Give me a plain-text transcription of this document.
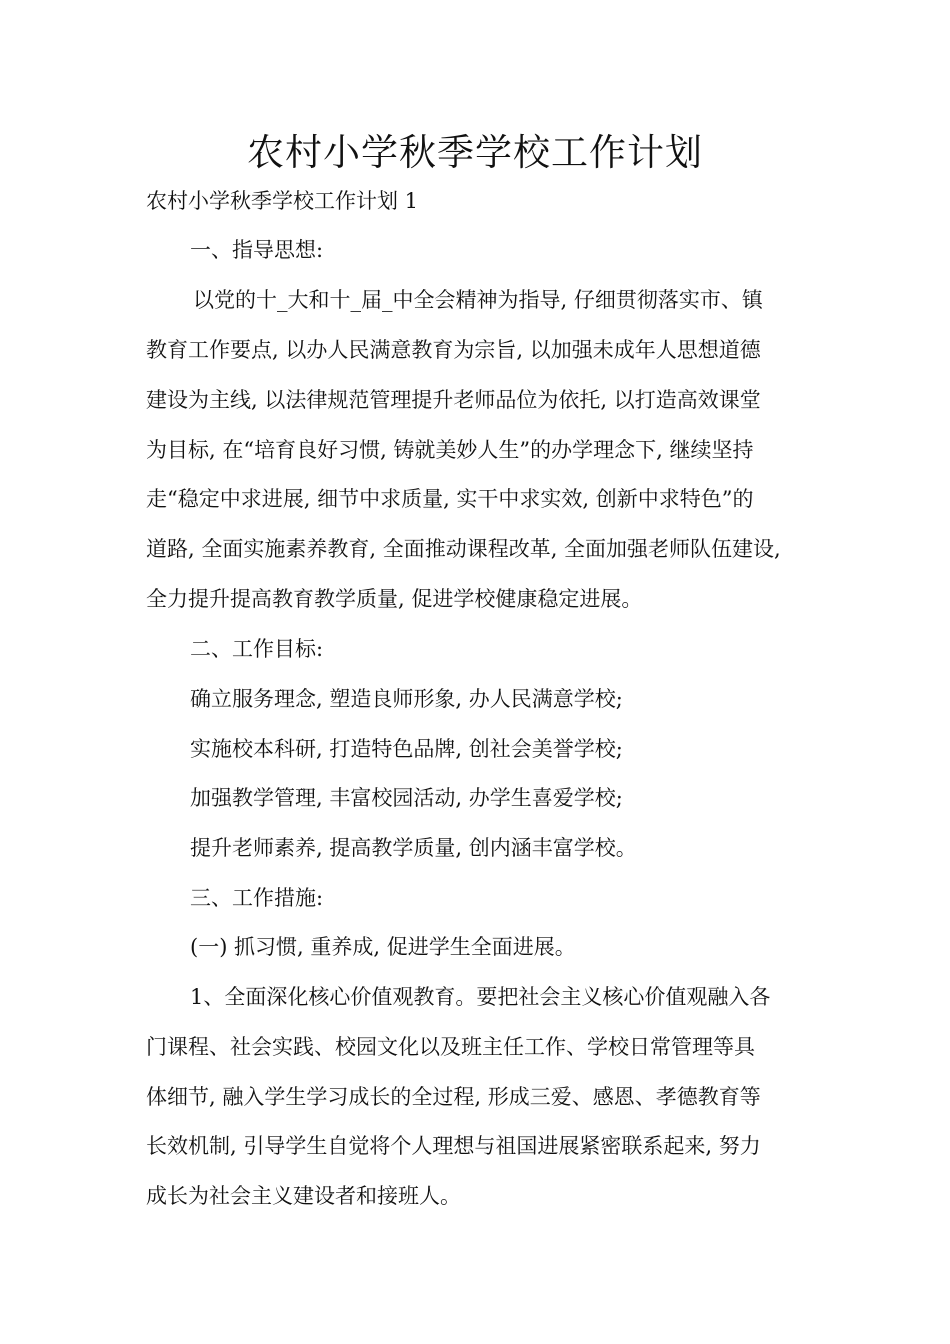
农村小学秋季学校工作计划

农村小学秋季学校工作计划 1

一、指导思想:

以党的十_大和十_届_中全会精神为指导, 仔细贯彻落实市、镇

教育工作要点, 以办人民满意教育为宗旨, 以加强未成年人思想道德

建设为主线, 以法律规范管理提升老师品位为依托, 以打造高效课堂

为目标, 在“培育良好习惯, 铸就美妙人生”的办学理念下, 继续坚持

走“稳定中求进展, 细节中求质量, 实干中求实效, 创新中求特色”的

道路, 全面实施素养教育, 全面推动课程改革, 全面加强老师队伍建设,

全力提升提高教育教学质量, 促进学校健康稳定进展。

二、工作目标:

确立服务理念, 塑造良师形象, 办人民满意学校;

实施校本科研, 打造特色品牌, 创社会美誉学校;

加强教学管理, 丰富校园活动, 办学生喜爱学校;

提升老师素养, 提高教学质量, 创内涵丰富学校。

三、工作措施:

(一) 抓习惯, 重养成, 促进学生全面进展。

1、全面深化核心价值观教育。要把社会主义核心价值观融入各

门课程、社会实践、校园文化以及班主任工作、学校日常管理等具

体细节, 融入学生学习成长的全过程, 形成三爱、感恩、孝德教育等

长效机制, 引导学生自觉将个人理想与祖国进展紧密联系起来, 努力

成长为社会主义建设者和接班人。
